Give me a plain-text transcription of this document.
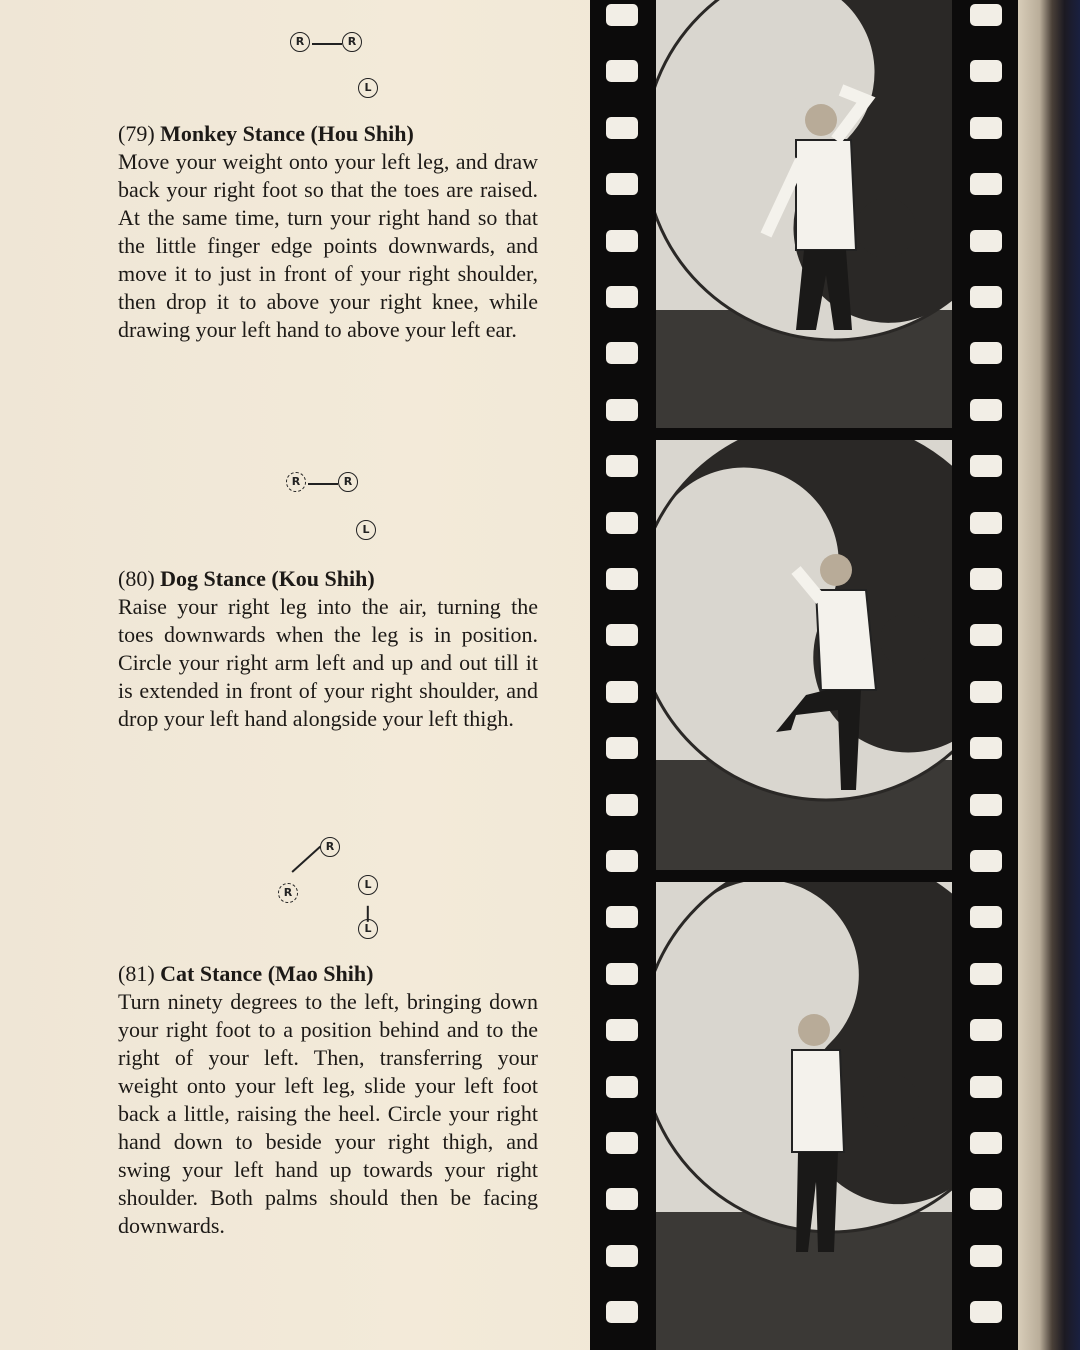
R	R
L

(79) Monkey Stance (Hou Shih)

Move your weight onto your left leg, and draw back your right foot so that the toes are raised. At the same time, turn your right hand so that the little finger edge points downwards, and move it to just in front of your right shoulder, then drop it to above your right knee, while drawing your left hand to above your left ear.

R	R
L

(80) Dog Stance (Kou Shih)

Raise your right leg into the air, turning the toes downwards when the leg is in position. Circle your right arm left and up and out till it is extended in front of your right shoulder, and drop your left hand alongside your left thigh.

R
R
L
L

(81) Cat Stance (Mao Shih)

Turn ninety degrees to the left, bringing down your right foot to a position behind and to the right of your left. Then, transferring your weight onto your left leg, slide your left foot back a little, raising the heel. Circle your right hand down to beside your right thigh, and swing your left hand up towards your right shoulder. Both palms should then be facing downwards.
